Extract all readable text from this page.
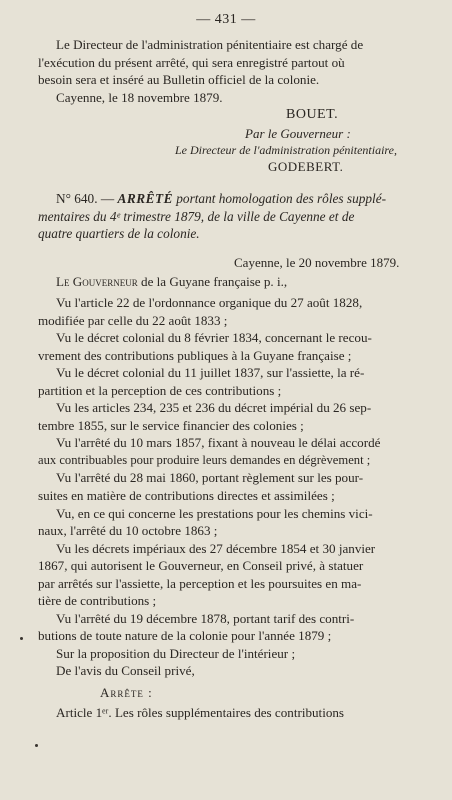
— 431 —
Le Directeur de l'administration pénitentiaire est chargé de
l'exécution du présent arrêté, qui sera enregistré partout où
besoin sera et inséré au Bulletin officiel de la colonie.
Cayenne, le 18 novembre 1879.
BOUET.
Par le Gouverneur :
Le Directeur de l'administration pénitentiaire,
GODEBERT.
N° 640. — ARRÊTÉ portant homologation des rôles supplé-
mentaires du 4ᵉ trimestre 1879, de la ville de Cayenne et de
quatre quartiers de la colonie.
Cayenne, le 20 novembre 1879.
Le Gouverneur de la Guyane française p. i.,
Vu l'article 22 de l'ordonnance organique du 27 août 1828,
modifiée par celle du 22 août 1833 ;
Vu le décret colonial du 8 février 1834, concernant le recou-
vrement des contributions publiques à la Guyane française ;
Vu le décret colonial du 11 juillet 1837, sur l'assiette, la ré-
partition et la perception de ces contributions ;
Vu les articles 234, 235 et 236 du décret impérial du 26 sep-
tembre 1855, sur le service financier des colonies ;
Vu l'arrêté du 10 mars 1857, fixant à nouveau le délai accordé
aux contribuables pour produire leurs demandes en dégrèvement ;
Vu l'arrêté du 28 mai 1860, portant règlement sur les pour-
suites en matière de contributions directes et assimilées ;
Vu, en ce qui concerne les prestations pour les chemins vici-
naux, l'arrêté du 10 octobre 1863 ;
Vu les décrets impériaux des 27 décembre 1854 et 30 janvier
1867, qui autorisent le Gouverneur, en Conseil privé, à statuer
par arrêtés sur l'assiette, la perception et les poursuites en ma-
tière de contributions ;
Vu l'arrêté du 19 décembre 1878, portant tarif des contri-
butions de toute nature de la colonie pour l'année 1879 ;
Sur la proposition du Directeur de l'intérieur ;
De l'avis du Conseil privé,
Arrête :
Article 1ᵉʳ. Les rôles supplémentaires des contributions
